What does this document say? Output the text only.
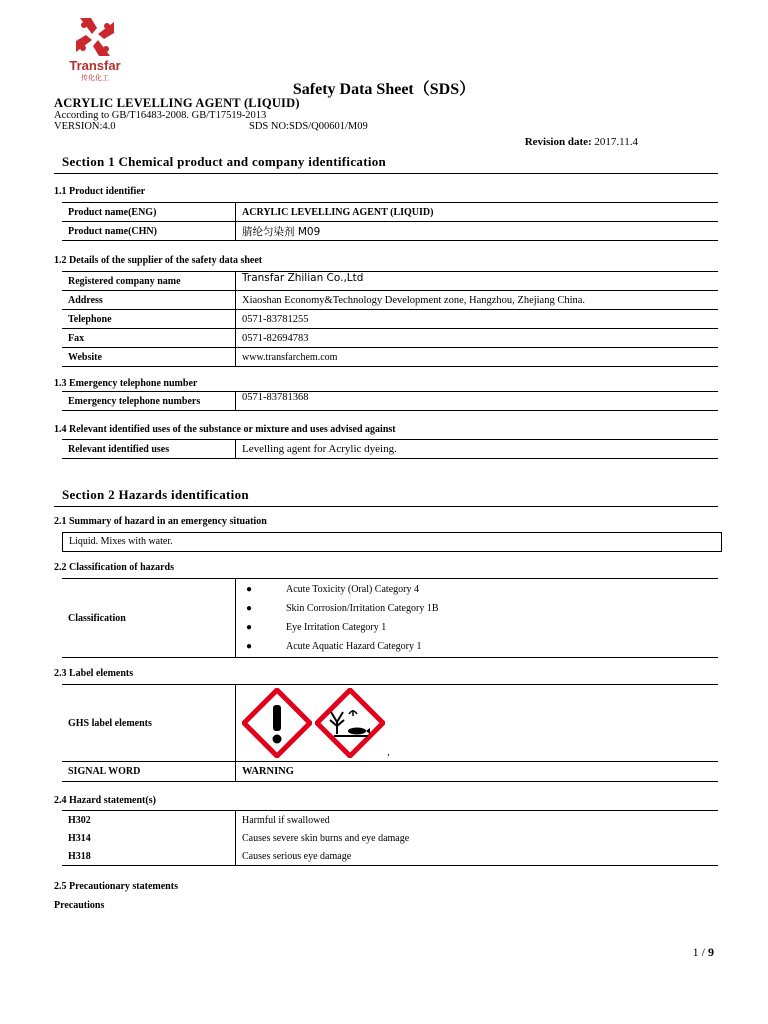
Transfar
传化化工
Safety Data Sheet（SDS）
ACRYLIC LEVELLING AGENT (LIQUID)
According to GB/T16483-2008. GB/T17519-2013
VERSION:4.0	SDS NO:SDS/Q00601/M09
Revision date: 2017.11.4
Section 1 Chemical product and company identification
1.1 Product identifier
Product name(ENG)	ACRYLIC LEVELLING AGENT (LIQUID)
Product name(CHN)	腈纶匀染剂 M09
1.2 Details of the supplier of the safety data sheet
Registered company name	Transfar Zhilian Co.,Ltd
Address	Xiaoshan Economy&Technology Development zone, Hangzhou, Zhejiang China.
Telephone	0571-83781255
Fax	0571-82694783
Website	www.transfarchem.com
1.3 Emergency telephone number
Emergency telephone numbers	0571-83781368
1.4 Relevant identified uses of the substance or mixture and uses advised against
Relevant identified uses	Levelling agent for Acrylic dyeing.
Section 2 Hazards identification
2.1 Summary of hazard in an emergency situation
Liquid. Mixes with water.
2.2 Classification of hazards
Classification	
●	Acute Toxicity (Oral) Category 4
●	Skin Corrosion/Irritation Category 1B
●	Eye Irritation Category 1
●	Acute Aquatic Hazard Category 1
2.3 Label elements
GHS label elements	,
SIGNAL WORD	WARNING
2.4 Hazard statement(s)
H302	Harmful if swallowed
H314	Causes severe skin burns and eye damage
H318	Causes serious eye damage
2.5 Precautionary statements
Precautions
1 / 9
